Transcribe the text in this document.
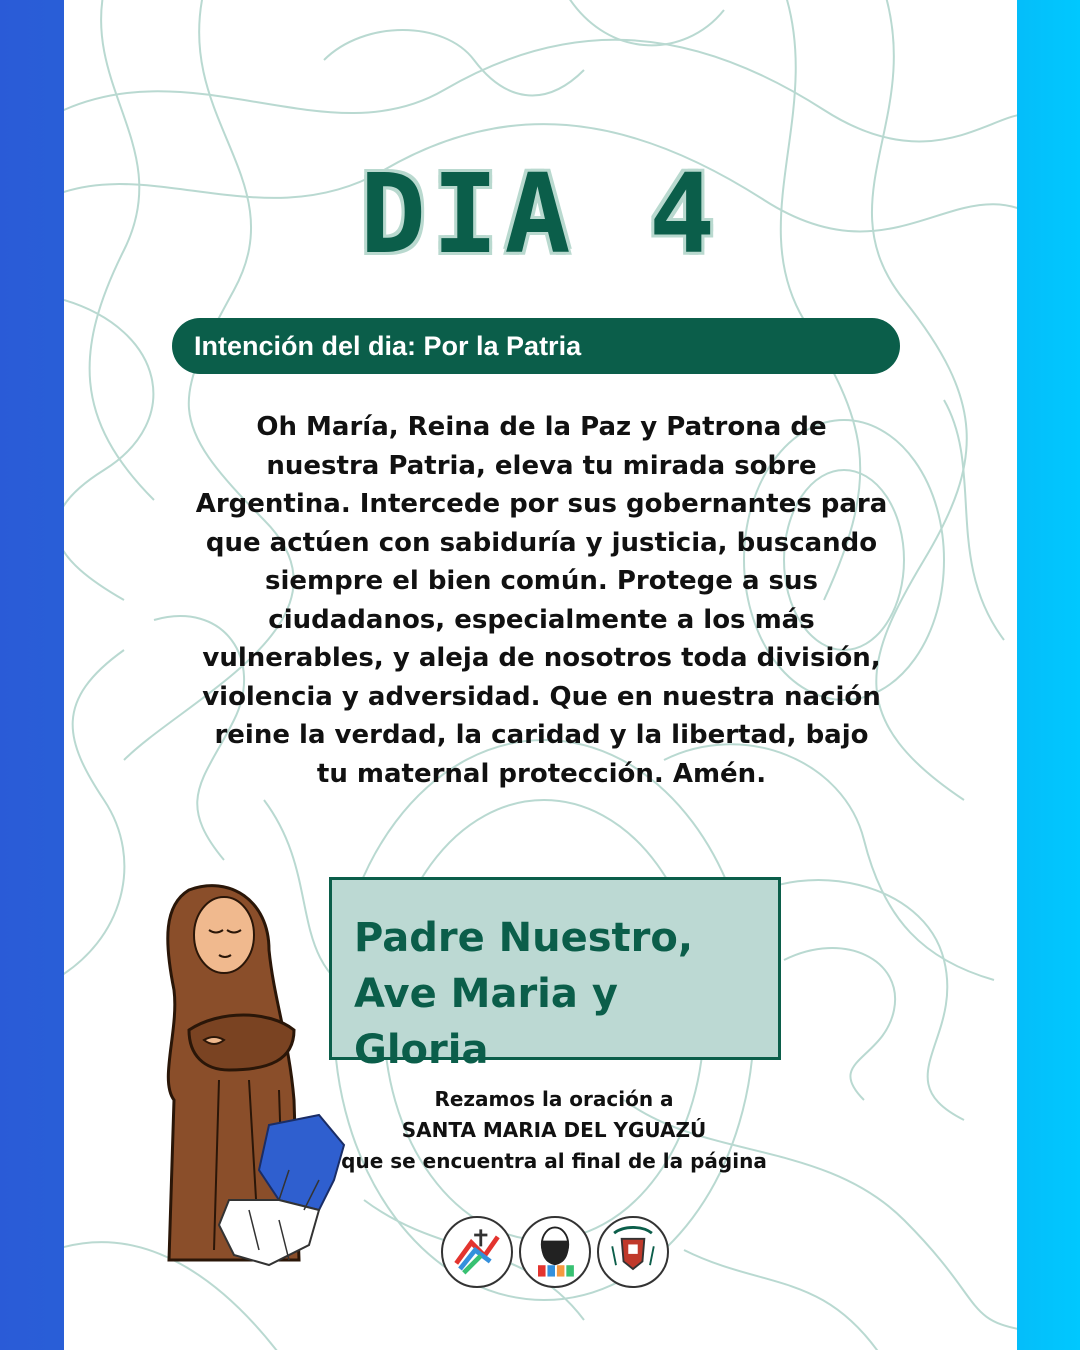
DIA 4
Intención del dia: Por la Patria
Oh María, Reina de la Paz y Patrona de
nuestra Patria, eleva tu mirada sobre
Argentina. Intercede por sus gobernantes para
que actúen con sabiduría y justicia, buscando
siempre el bien común. Protege a sus
ciudadanos, especialmente a los más
vulnerables, y aleja de nosotros toda división,
violencia y adversidad. Que en nuestra nación
reine la verdad, la caridad y la libertad, bajo
tu maternal protección. Amén.
Padre Nuestro,
Ave Maria y Gloria
Rezamos la oración a
SANTA MARIA DEL YGUAZÚ
que se encuentra al final de la página
